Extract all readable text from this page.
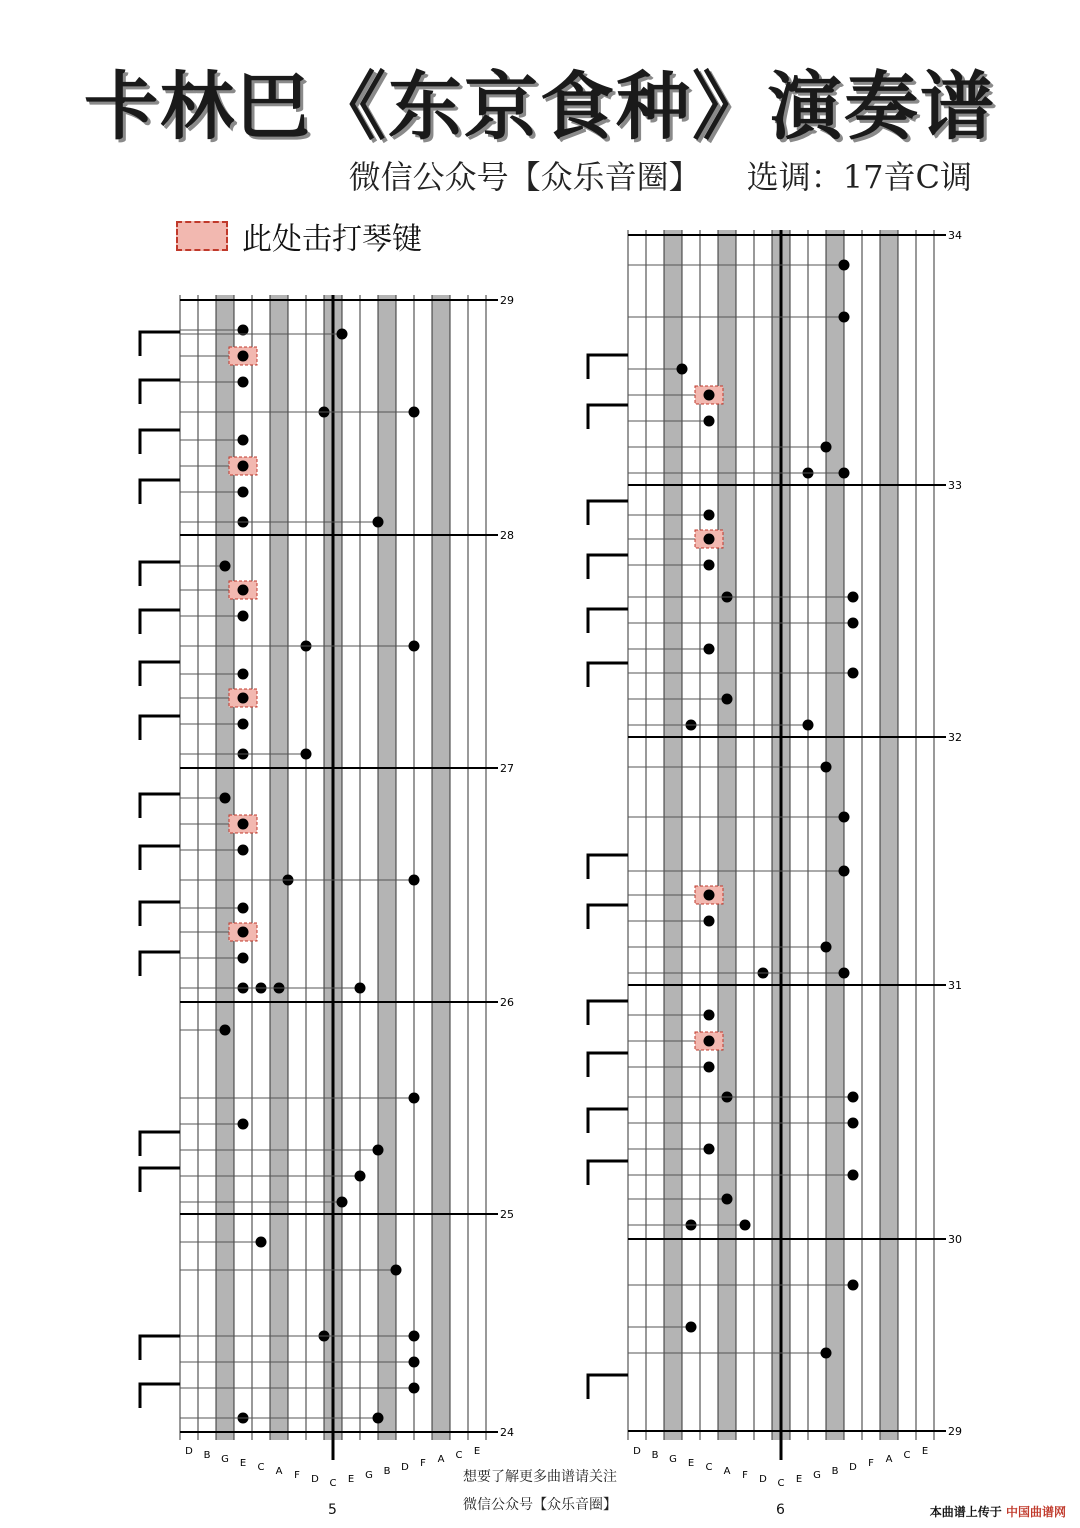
卡林巴《东京食种》演奏谱
微信公众号【众乐音圈】 选调：17音C调
此处击打琴键
29
28
27
26
25
24
D B G E C A F D C E G B D F A C E
34
33
32
31
30
29
D B G E C A F D C E G B D F A C E
想要了解更多曲谱请关注
微信公众号【众乐音圈】
5	6	本曲谱上传于 中国曲谱网
